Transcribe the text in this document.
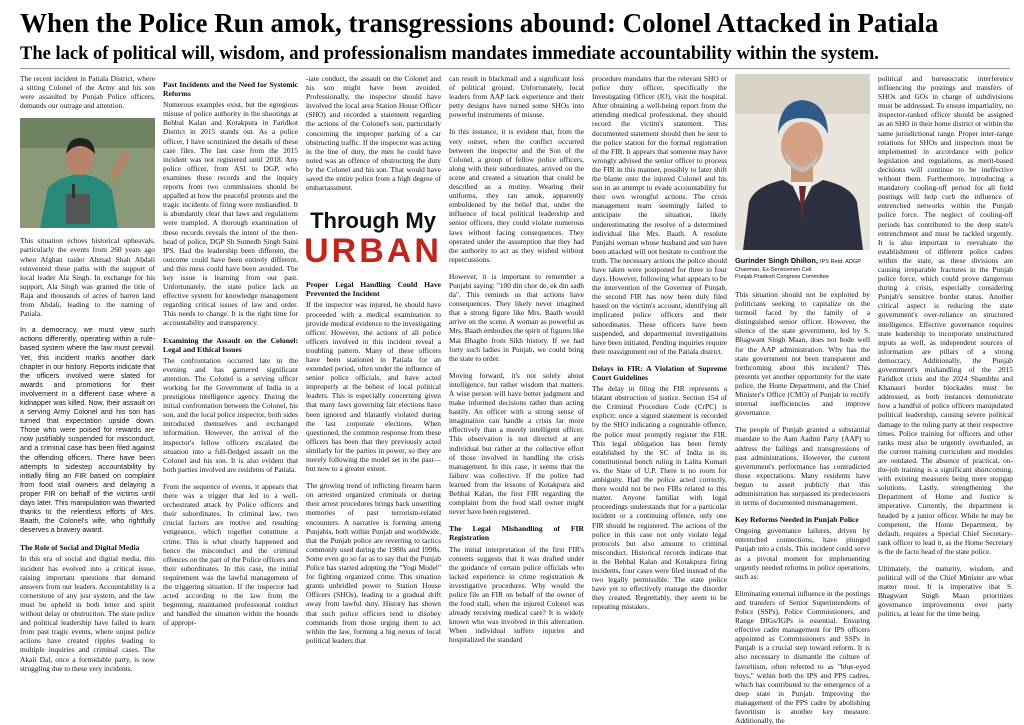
When the Police Run amok, transgressions abound: Colonel Attacked in Patiala
The lack of political will, wisdom, and professionalism mandates immediate accountability within the system.

The recent incident in Patiala District, where a sitting Colonel of the Army and his son were assaulted by Punjab Police officers, demands our outrage and attention.

This situation echoes historical upheavals, particularly the events from 260 years ago when Afghan raider Ahmad Shah Abdali reinvented these paths with the support of local leader Ala Singh. In exchange for his support, Ala Singh was granted the title of Raja and thousands of acres of barren land from Abdali, leading to the naming of Patiala.

In a democracy, we must view such actions differently, operating within a rule-based system where the law must prevail. Yet, this incident marks another dark chapter in our history. Reports indicate that the officers involved were slated for awards and promotions for their involvement in a different case where a kidnapper was killed. Now, their assault on a serving Army Colonel and his son has turned that expectation upside down. Those who were poised for rewards are now justifiably suspended for misconduct, and a criminal case has been filed against the offending officers. There have been attempts to sidestep accountability by initially filing an FIR based on complaint from food stall owners and delaying a proper FIR on behalf of the victims until days later. This manipulation was thwarted thanks to the relentless efforts of Mrs. Baath, the Colonel's wife, who rightfully deserves a bravery award.

The Role of Social and Digital Media

In this era of social and digital media, this incident has evolved into a critical issue, raising important questions that demand answers from our leaders. Accountability is a cornerstone of any just system, and the law must be upheld in both letter and spirit without delay or obstruction. The state police and political leadership have failed to learn from past tragic events, where unjust police actions have created ripples leading to multiple inquiries and criminal cases. The Akali Dal, once a formidable party, is now struggling due to these very incidents.

Past Incidents and the Need for Systemic Reforms

Numerous examples exist, but the egregious misuse of police authority in the shootings at Behbal Kalan and Kotakpura in Faridkot District in 2015 stands out. As a police officer, I have scrutinized the details of these case files. The last case from the 2015 incident was not registered until 2018. Any police officer, from ASI to DGP, who examines these records and the inquiry reports from two commissions should be appalled at how the peaceful protests and the tragic incidents of firing were mishandled. It is abundantly clear that laws and regulations were trampled. A thorough examination of these records reveals the intent of the then-head of police, DGP Sh Sumedh Singh Saini IPS. Had the leadership been different, the outcome could have been entirely different, and this mess could have been avoided. The key issue is learning from our past. Unfortunately, the state police lack an effective system for knowledge management regarding critical issues of law and order. This needs to change. It is the right time for accountability and transparency.

Examining the Assault on the Colonel: Legal and Ethical Issues

The confrontation occurred late in the evening and has garnered significant attention. The Colonel is a serving officer working for the Government of India in a prestigious intelligence agency. During the initial confrontation between the Colonel, his son, and the local police inspector, both sides introduced themselves and exchanged information. However, the arrival of the inspector's fellow officers escalated the situation into a full-fledged assault on the Colonel and his son. It is also evident that both parties involved are residents of Patiala.

From the sequence of events, it appears that there was a trigger that led to a well-orchestrated attack by Police officers and their subordinates. In criminal law, two crucial factors are motive and resulting vengeance, which together constitute a crime. This is what clearly happened and hence the misconduct and the criminal offences on the part of the Police officers and their subordinates. In this case, the initial requirement was the lawful management of the triggering situation. If the inspector had acted according to the law from the beginning, maintained professional conduct and handled the situation within the bounds of appropr-

-iate conduct, the assault on the Colonel and his son might have been avoided. Professionally, the inspector should have involved the local area Station House Officer (SHO) and recorded a statement regarding the actions of the Colonel's son, particularly concerning the improper parking of a car obstructing traffic. If the inspector was acting in the line of duty, the men he could have noted was an offence of obstructing the duty by the Colonel and his son. That would have saved the entire police from a high degree of embarrassment.

Through My
URBAN
Proper Legal Handling Could Have Prevented the Incident

If the inspector was injured, he should have proceeded with a medical examination to provide medical evidence to the investigating officer. However, the actions of all police officers involved in this incident reveal a troubling pattern. Many of these officers have been stationed in Patiala for an extended period, often under the influence of senior police officials, and have acted improperly at the behest of local political leaders. This is especially concerning given that many laws governing fair elections have been ignored and blatantly violated during the last corporate elections. When questioned, the common response from these officers has been that they previously acted similarly for the parties in power, so they are merely following the model set in the past—but now to a greater extent.

The growing trend of inflicting firearm harm on arrested organized criminals or during their arrest procedures brings back unsettling memories of past terrorism-related encounters. A narrative is forming among Punjabis, both within Punjab and worldwide, that the Punjab police are reverting to tactics commonly used during the 1980s and 1990s. Some even go so far as to say that the Punjab Police has started adopting the "Yogi Model" for fighting organized crime. This situation grants unbridled power to Station House Officers (SHOs), leading to a gradual drift away from lawful duty. History has shown that such police officers tend to disobey commands from those urging them to act within the law, forming a big nexus of local political leaders that

can result in blackmail and a significant loss of political ground. Unfortunately, local leaders from AAP lack experience and their petty designs have turned some SHOs into powerful instruments of misuse.

In this instance, it is evident that, from the very outset, when the conflict occurred between the inspector and the Son of the Colonel, a group of fellow police officers, along with their subordinates, arrived on the scene and created a situation that could be described as a mutiny. Wearing their uniforms, they ran amok, apparently emboldened by the belief that, under the influence of local political leadership and senior officers, they could violate numerous laws without facing consequences. They operated under the assumption that they had the authority to act as they wished without repercussions.

However, it is important to remember a Punjabi saying: "100 din chor de, ek din sadh da". This reminds us that actions have consequences. They likely never imagined that a strong figure like Mrs. Baath would arrive on the scene. A woman as powerful as Mrs. Baath embodies the spirit of figures like Mai Bhagho from Sikh history. If we had forty such ladies in Punjab, we could bring the state to order.

Moving forward, it's not solely about intelligence, but rather wisdom that matters. A wise person will have better judgment and make informed decisions rather than acting hastily. An officer with a strong sense of imagination can handle a crisis far more effectively than a merely intelligent officer. This observation is not directed at any individual but rather at the collective effort of those involved in handling the crisis management. In this case, it seems that the failure was collective. If the police had learned from the lessons of Kotakpura and Behbal Kalan, the first FIR regarding the complaint from the food stall owner might never have been registered.

The Legal Mishandling of FIR Registration

The initial interpretation of the first FIR's contents suggests that it was drafted under the guidance of certain police officials who lacked experience in crime registration & investigative procedures. Why would the police file an FIR on behalf of the owner of the food stall, when the injured Colonel was already receiving medical care? It is widely known who was involved in this altercation. When individual suffers injuries and hospitalized the standard

procedure mandates that the relevant SHO or police duty officer, specifically the Investigating Officer (IO), visit the hospital. After obtaining a well-being report from the attending medical professional, they should record the victim's statement. This documented statement should then be sent to the police station for the formal registration of the FIR. It appears that someone may have wrongly advised the senior officer to process the FIR in this manner, possibly to later shift the blame onto the injured Colonel and his son in an attempt to evade accountability for their own wrongful actions. The crisis management team seemingly failed to anticipate the situation, likely underestimating the resolve of a determined individual like Mrs. Baath. A resolute Punjabi woman whose husband and son have been attacked will not hesitate to confront the truth. The necessary actions the police should have taken were postponed for three to four days. However, following what appears to be the intervention of the Governor of Punjab, the second FIR has now been duly filed based on the victim's account, identifying all implicated police officers and their subordinates. These officers have been suspended, and departmental investigations have been initiated. Pending inquiries require their reassignment out of the Patiala district.

Delays in FIR: A Violation of Supreme Court Guidelines

The delay in filing the FIR represents a blatant obstruction of justice. Section 154 of the Criminal Procedure Code (CrPC) is explicit: once a signed statement is recorded by the SHO indicating a cognizable offence, the police must promptly register the FIR. This legal obligation has been firmly established by the SC of India in its constitutional bench ruling in Lalita Kumari vs. the State of U.P. There is no room for ambiguity. Had the police acted correctly, there would not be two FIRs related to this matter. Anyone familiar with legal proceedings understands that for a particular incident or a continuing offence, only one FIR should be registered. The actions of the police in this case not only violate legal protocols but also amount to criminal misconduct. Historical records indicate that in the Behbal Kalan and Kotakpura firing incidents, four cases were filed instead of the two legally permissible. The state police have yet to effectively manage the disorder they created. Regrettably, they seem to be repeating mistakes.

Gurinder Singh Dhillon, IPS Retd. ADGP
Chairman, Ex-Servicemen Cell
Punjab Pradesh Congress Committee

This situation should not be exploited by politicians seeking to capitalize on the turmoil faced by the family of a distinguished senior officer. However, the silence of the state government, led by S. Bhagwant Singh Maan, does not bode well for the AAP administration. Why has the state government not been transparent and forthcoming about this incident? This presents yet another opportunity for the state police, the Home Department, and the Chief Minister's Office (CMO) of Punjab to rectify internal inefficiencies and improve governance.

The people of Punjab granted a substantial mandate to the Aam Aadmi Party (AAP) to address the failings and transgressions of past administrations. However, the current government's performance has contradicted those expectations. Many residents have begun to assert publicly that this administration has surpassed its predecessors in terms of documented mismanagement.

Key Reforms Needed in Punjab Police

Ongoing governance failures, driven by entrenched connections, have plunged Punjab into a crisis. This incident could serve as a pivotal moment for implementing urgently needed reforms in police operations, such as:

Eliminating external influence in the postings and transfers of Senior Superintendents of Police (SSPs), Police Commissioners, and Range DIGs/IGPs is essential. Ensuring effective cadre management for IPS officers appointed as Commissioners and SSPs in Punjab is a crucial step toward reform. It is also necessary to dismantle the culture of favoritism, often referred to as "blue-eyed boys," within both the IPS and PPS cadres, which has contributed to the emergence of a deep state in Punjab. Improving the management of the PPS cadre by abolishing favoritism is another key measure. Additionally, the

political and bureaucratic interference influencing the postings and transfers of SHOs and GOs in charge of subdivisions must be addressed. To ensure impartiality, no inspector-ranked officer should be assigned as an SHO in their home district or within the same jurisdictional range. Proper inter-range rotations for SHOs and inspectors must be implemented in accordance with police legislation and regulations, as merit-based decisions will continue to be ineffective without them. Furthermore, introducing a mandatory cooling-off period for all field postings will help curb the influence of entrenched networks within the Punjab police force. The neglect of cooling-off periods has contributed to the deep state's entrenchment and must be tackled urgently. It is also important to reevaluate the establishment of different police cadres within the state, as these divisions are causing irreparable fractures in the Punjab police force, which could prove dangerous during a crisis, especially considering Punjab's sensitive border status. Another critical aspect is reducing the state government's over-reliance on structured intelligence. Effective governance requires state leadership to incorporate unstructured inputs as well, as independent sources of information are pillars of a strong democracy. Additionally, the Punjab government's mishandling of the 2015 Faridkot crisis and the 2024 Shambhu and Khanauri border blockades must be addressed, as both instances demonstrate how a handful of police officers manipulated political leadership, causing severe political damage to the ruling party at their respective times. Police training for officers and other ranks must also be urgently overhauled, as the current training curriculum and modules are outdated. The absence of practical, on-the-job training is a significant shortcoming, with existing measures being mere stopgap solutions. Lastly, strengthening the Department of Home and Justice is imperative. Currently, the department is headed by a junior officer. While he may be competent, the Home Department, by default, requires a Special Chief Secretary-rank officer to lead it, as the Home Secretary is the de facto head of the state police.

Ultimately, the maturity, wisdom, and political will of the Chief Minister are what matter most. It is imperative that S. Bhagwant Singh Maan prioritizes governance improvements over party politics, at least for the time being.
